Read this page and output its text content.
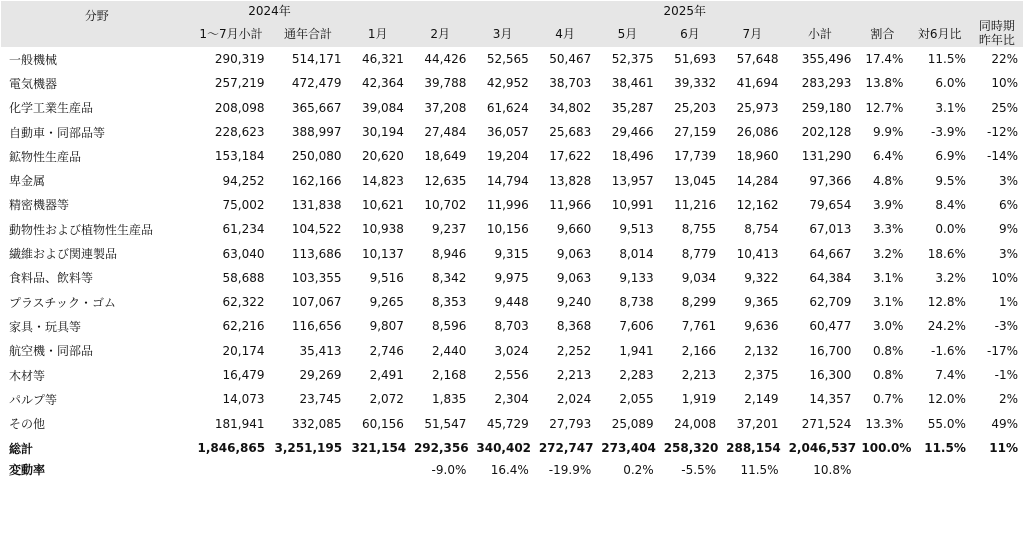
分野	2024年		2025年										
	1〜7月小計	通年合計	1月	2月	3月	4月	5月	6月	7月	小計	割合	対6月比	同時期
昨年比
一般機械	290,319	514,171	46,321	44,426	52,565	50,467	52,375	51,693	57,648	355,496	17.4%	11.5%	22%
電気機器	257,219	472,479	42,364	39,788	42,952	38,703	38,461	39,332	41,694	283,293	13.8%	6.0%	10%
化学工業生産品	208,098	365,667	39,084	37,208	61,624	34,802	35,287	25,203	25,973	259,180	12.7%	3.1%	25%
自動車・同部品等	228,623	388,997	30,194	27,484	36,057	25,683	29,466	27,159	26,086	202,128	9.9%	-3.9%	-12%
鉱物性生産品	153,184	250,080	20,620	18,649	19,204	17,622	18,496	17,739	18,960	131,290	6.4%	6.9%	-14%
卑金属	94,252	162,166	14,823	12,635	14,794	13,828	13,957	13,045	14,284	97,366	4.8%	9.5%	3%
精密機器等	75,002	131,838	10,621	10,702	11,996	11,966	10,991	11,216	12,162	79,654	3.9%	8.4%	6%
動物性および植物性生産品	61,234	104,522	10,938	9,237	10,156	9,660	9,513	8,755	8,754	67,013	3.3%	0.0%	9%
繊維および関連製品	63,040	113,686	10,137	8,946	9,315	9,063	8,014	8,779	10,413	64,667	3.2%	18.6%	3%
食料品、飲料等	58,688	103,355	9,516	8,342	9,975	9,063	9,133	9,034	9,322	64,384	3.1%	3.2%	10%
プラスチック・ゴム	62,322	107,067	9,265	8,353	9,448	9,240	8,738	8,299	9,365	62,709	3.1%	12.8%	1%
家具・玩具等	62,216	116,656	9,807	8,596	8,703	8,368	7,606	7,761	9,636	60,477	3.0%	24.2%	-3%
航空機・同部品	20,174	35,413	2,746	2,440	3,024	2,252	1,941	2,166	2,132	16,700	0.8%	-1.6%	-17%
木材等	16,479	29,269	2,491	2,168	2,556	2,213	2,283	2,213	2,375	16,300	0.8%	7.4%	-1%
パルプ等	14,073	23,745	2,072	1,835	2,304	2,024	2,055	1,919	2,149	14,357	0.7%	12.0%	2%
その他	181,941	332,085	60,156	51,547	45,729	27,793	25,089	24,008	37,201	271,524	13.3%	55.0%	49%
総計	1,846,865	3,251,195	321,154	292,356	340,402	272,747	273,404	258,320	288,154	2,046,537	100.0%	11.5%	11%
変動率				-9.0%	16.4%	-19.9%	0.2%	-5.5%	11.5%	10.8%			
